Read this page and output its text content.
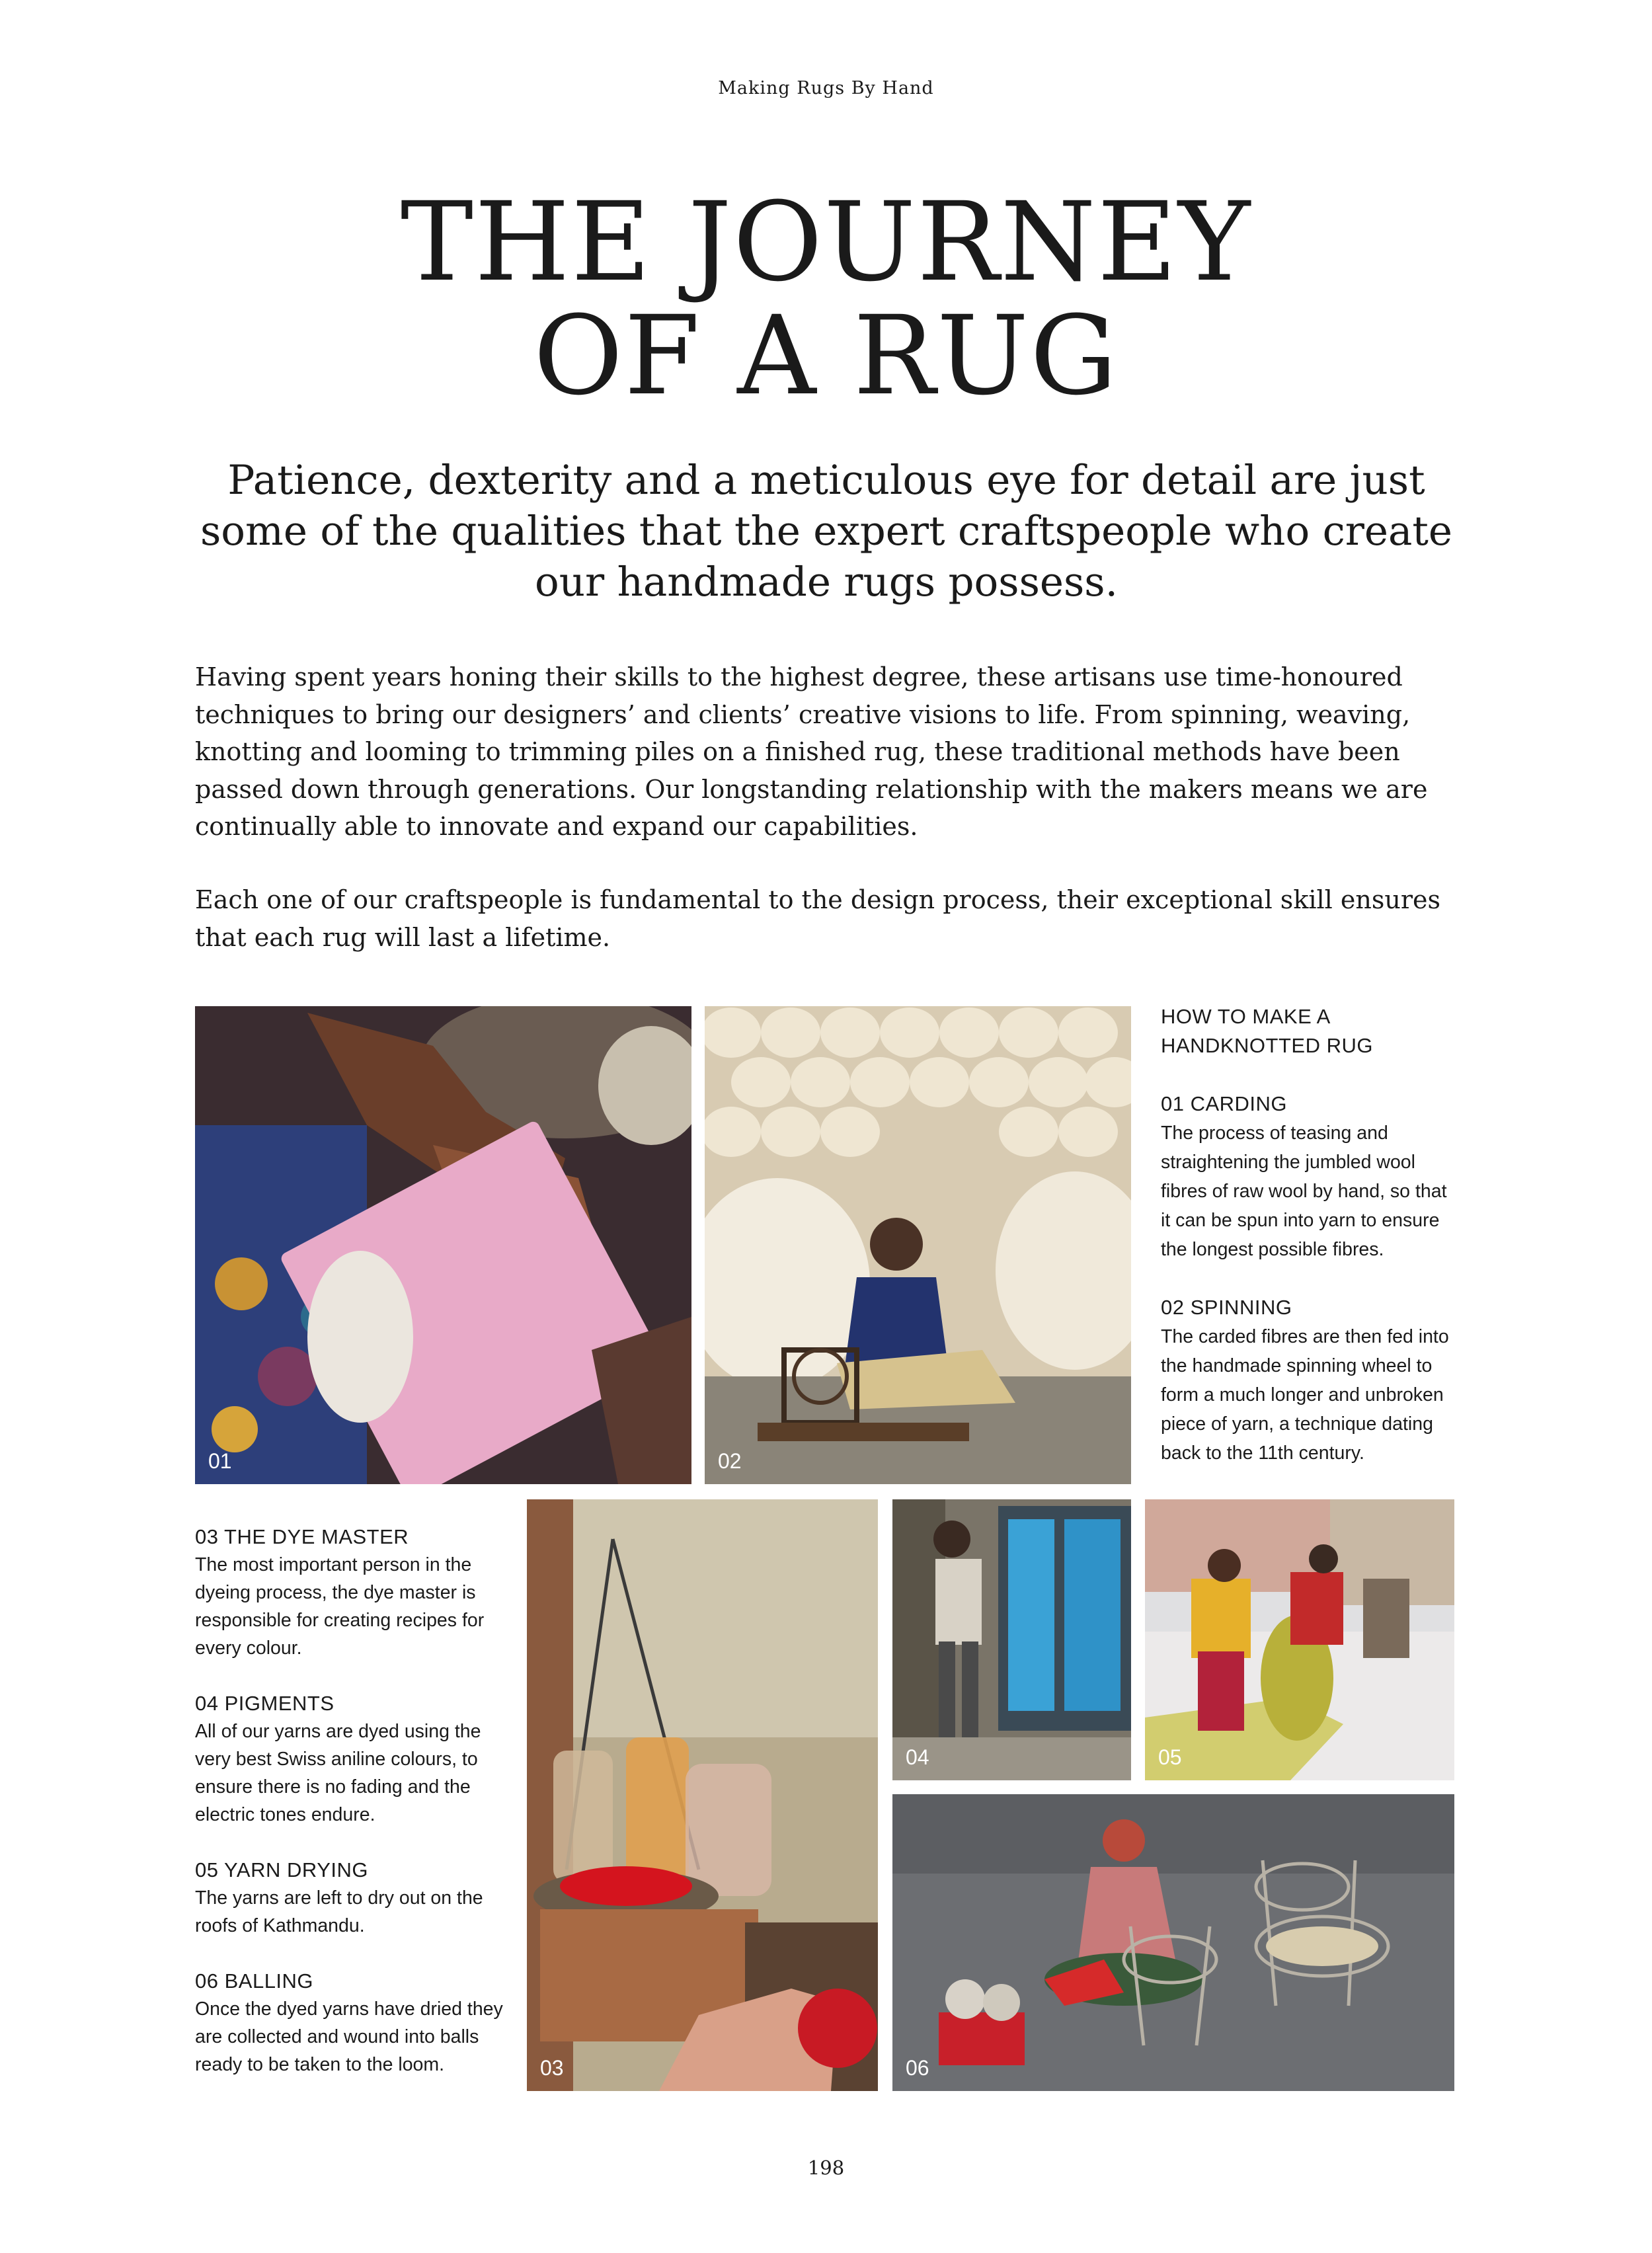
Making Rugs By Hand
THE JOURNEY
OF A RUG

Patience, dexterity and a meticulous eye for detail are just some of the qualities that the expert craftspeople who create our handmade rugs possess.

Having spent years honing their skills to the highest degree, these artisans use time-honoured techniques to bring our designers’ and clients’ creative visions to life. From spinning, weaving, knotting and looming to trimming piles on a finished rug, these traditional methods have been passed down through generations. Our longstanding relationship with the makers means we are continually able to innovate and expand our capabilities.

Each one of our craftspeople is fundamental to the design process, their exceptional skill ensures that each rug will last a lifetime.

01	02
HOW TO MAKE A
HANDKNOTTED RUG
01 CARDING
The process of teasing and straightening the jumbled wool fibres of raw wool by hand, so that it can be spun into yarn to ensure the longest possible fibres.
02 SPINNING
The carded fibres are then fed into the handmade spinning wheel to form a much longer and unbroken piece of yarn, a technique dating back to the 11th century.
03 THE DYE MASTER
The most important person in the dyeing process, the dye master is responsible for creating recipes for every colour.
04 PIGMENTS
All of our yarns are dyed using the very best Swiss aniline colours, to ensure there is no fading and the electric tones endure.
05 YARN DRYING
The yarns are left to dry out on the roofs of Kathmandu.
06 BALLING
Once the dyed yarns have dried they are collected and wound into balls ready to be taken to the loom.	03
04	05
06
198
